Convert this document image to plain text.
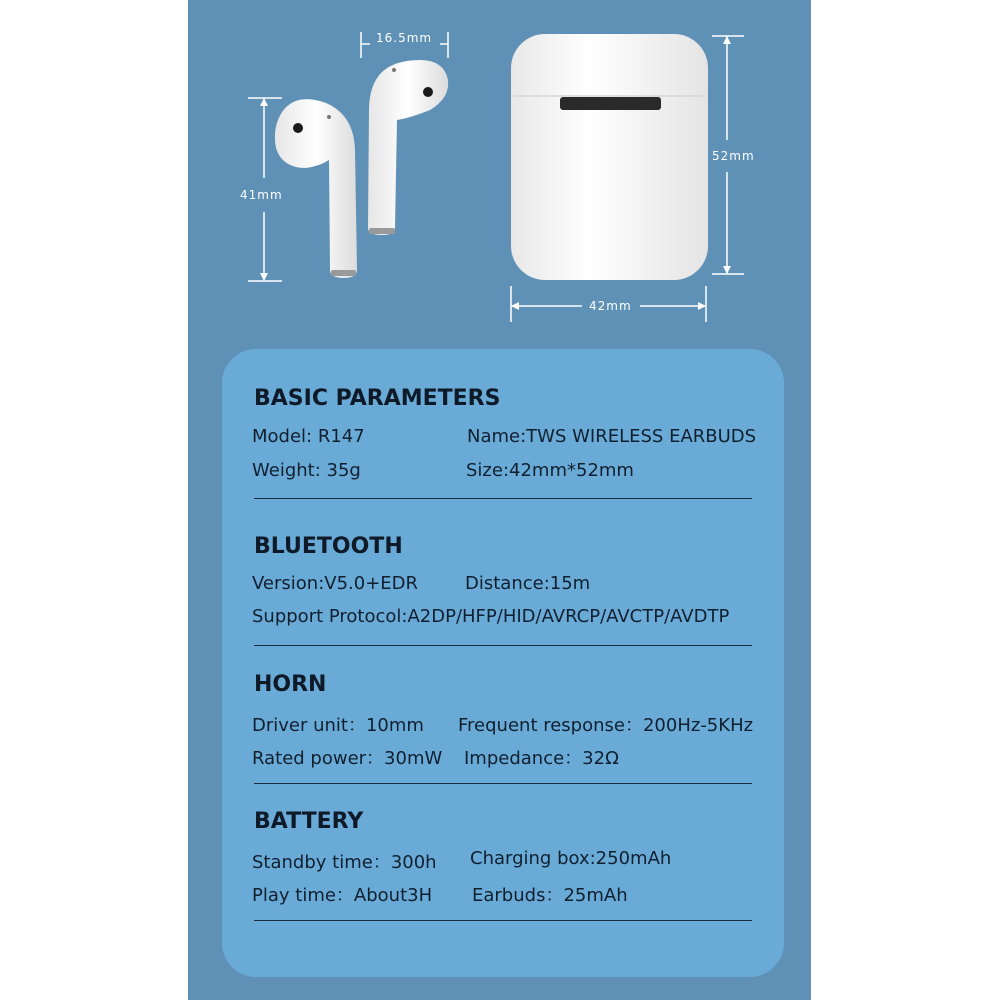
16.5mm
41mm
52mm
42mm
BASIC PARAMETERS
Model: R147	Name:TWS WIRELESS EARBUDS
Weight: 35g	Size:42mm*52mm
BLUETOOTH
Version:V5.0+EDR	Distance:15m
Support Protocol:A2DP/HFP/HID/AVRCP/AVCTP/AVDTP
HORN
Driver unit：10mm Frequent response：200Hz-5KHz
Rated power：30mW Impedance：32Ω
BATTERY
Standby time：300h Charging box:250mAh
Play time：About3H Earbuds：25mAh
